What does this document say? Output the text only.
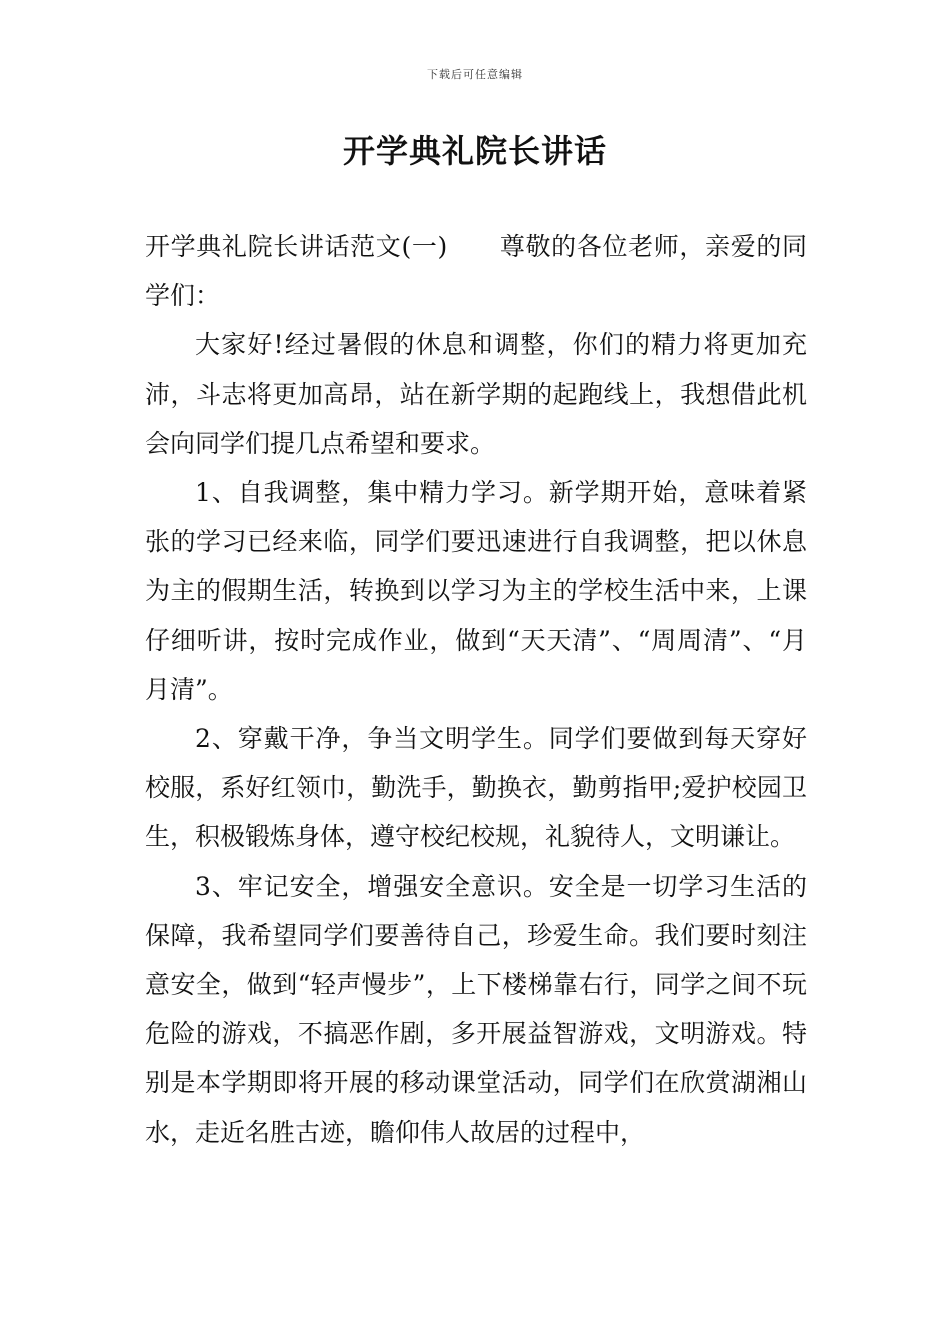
下载后可任意编辑
开学典礼院长讲话

开学典礼院长讲话范文(一) 尊敬的各位老师，亲爱的同学们：

大家好!经过暑假的休息和调整，你们的精力将更加充沛，斗志将更加高昂，站在新学期的起跑线上，我想借此机会向同学们提几点希望和要求。

1、自我调整，集中精力学习。新学期开始，意味着紧张的学习已经来临，同学们要迅速进行自我调整，把以休息为主的假期生活，转换到以学习为主的学校生活中来，上课仔细听讲，按时完成作业，做到“天天清”、“周周清”、“月月清”。

2、穿戴干净，争当文明学生。同学们要做到每天穿好校服，系好红领巾，勤洗手，勤换衣，勤剪指甲;爱护校园卫生，积极锻炼身体，遵守校纪校规，礼貌待人，文明谦让。

3、牢记安全，增强安全意识。安全是一切学习生活的保障，我希望同学们要善待自己，珍爱生命。我们要时刻注意安全，做到“轻声慢步”，上下楼梯靠右行，同学之间不玩危险的游戏，不搞恶作剧，多开展益智游戏，文明游戏。特别是本学期即将开展的移动课堂活动，同学们在欣赏湖湘山水，走近名胜古迹，瞻仰伟人故居的过程中，
